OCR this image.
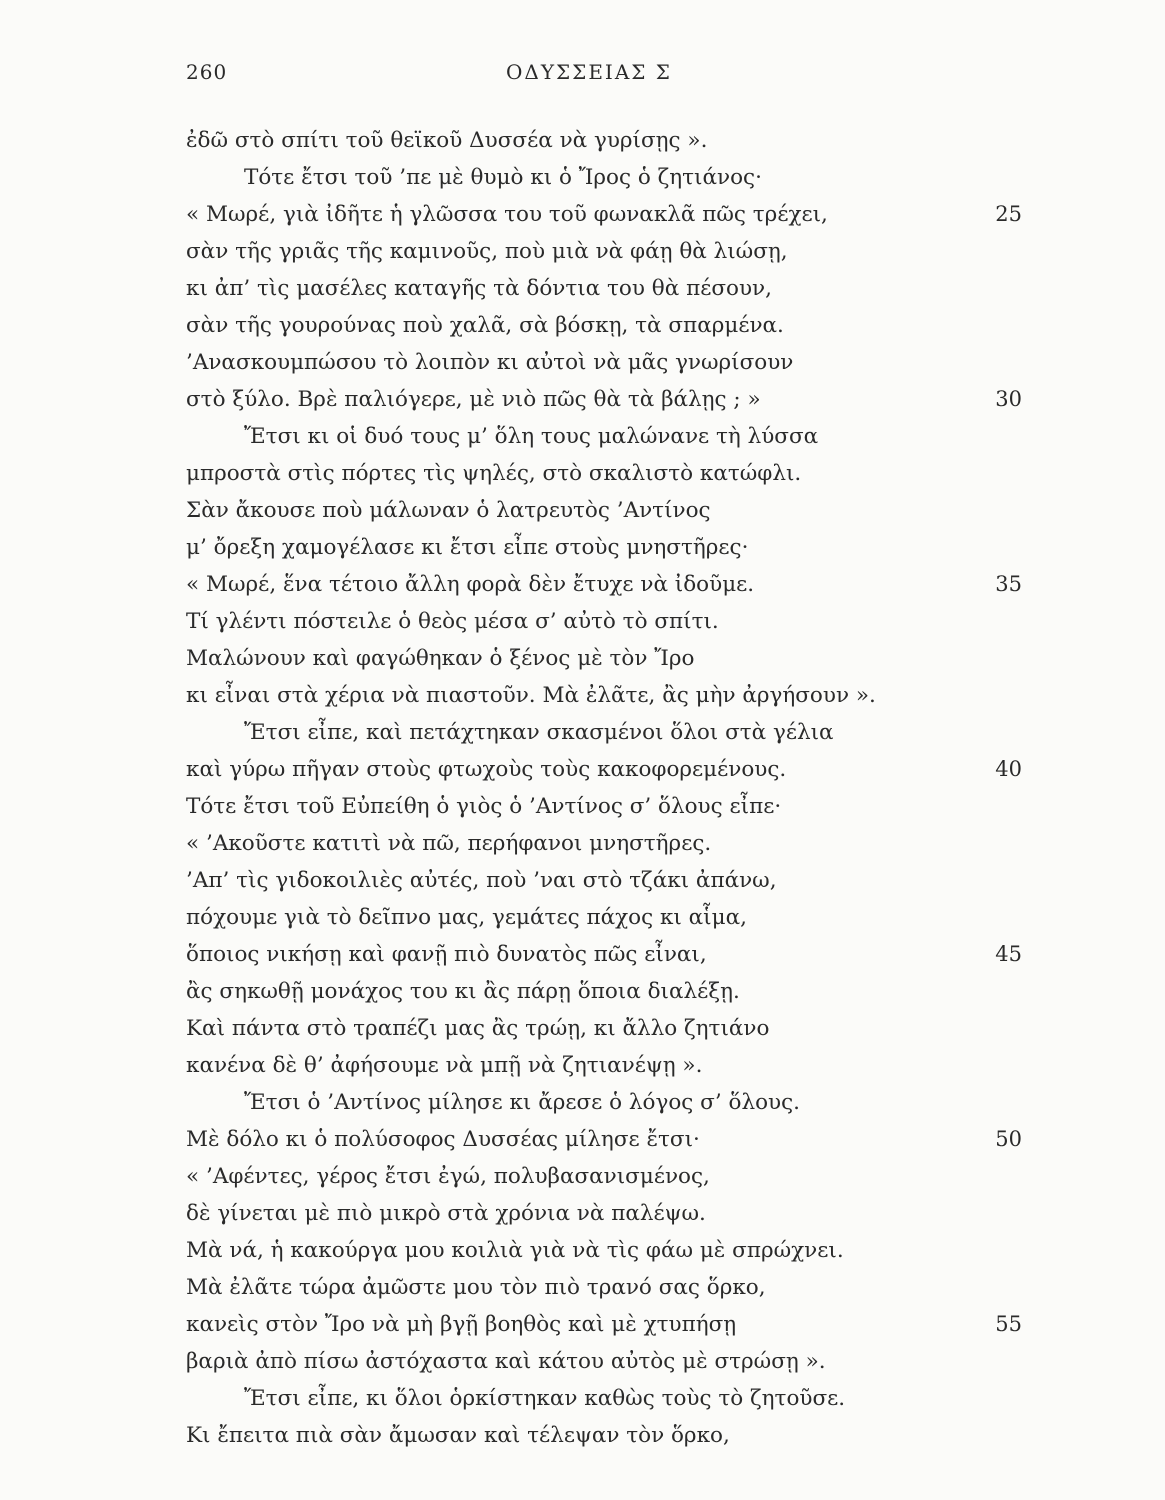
260	ΟΔΥΣΣΕΙΑΣ Σ
ἐδῶ στὸ σπίτι τοῦ θεϊκοῦ Δυσσέα νὰ γυρίσῃς ».
Τότε ἔτσι τοῦ ’πε μὲ θυμὸ κι ὁ Ἴρος ὁ ζητιάνος·
« Μωρέ, γιὰ ἰδῆτε ἡ γλῶσσα του τοῦ φωνακλᾶ πῶς τρέχει,	25
σὰν τῆς γριᾶς τῆς καμινοῦς, ποὺ μιὰ νὰ φάῃ θὰ λιώσῃ,
κι ἀπ’ τὶς μασέλες καταγῆς τὰ δόντια του θὰ πέσουν,
σὰν τῆς γουρούνας ποὺ χαλᾶ, σὰ βόσκῃ, τὰ σπαρμένα.
’Ανασκουμπώσου τὸ λοιπὸν κι αὐτοὶ νὰ μᾶς γνωρίσουν
στὸ ξύλο. Βρὲ παλιόγερε, μὲ νιὸ πῶς θὰ τὰ βάλῃς ; »	30
Ἔτσι κι οἱ δυό τους μ’ ὅλη τους μαλώνανε τὴ λύσσα
μπροστὰ στὶς πόρτες τὶς ψηλές, στὸ σκαλιστὸ κατώφλι.
Σὰν ἄκουσε ποὺ μάλωναν ὁ λατρευτὸς ’Αντίνος
μ’ ὄρεξη χαμογέλασε κι ἔτσι εἶπε στοὺς μνηστῆρες·
« Μωρέ, ἕνα τέτοιο ἄλλη φορὰ δὲν ἔτυχε νὰ ἰδοῦμε.	35
Τί γλέντι πόστειλε ὁ θεὸς μέσα σ’ αὐτὸ τὸ σπίτι.
Μαλώνουν καὶ φαγώθηκαν ὁ ξένος μὲ τὸν Ἴρο
κι εἶναι στὰ χέρια νὰ πιαστοῦν. Μὰ ἐλᾶτε, ἂς μὴν ἀργήσουν ».
Ἔτσι εἶπε, καὶ πετάχτηκαν σκασμένοι ὅλοι στὰ γέλια
καὶ γύρω πῆγαν στοὺς φτωχοὺς τοὺς κακοφορεμένους.	40
Τότε ἔτσι τοῦ Εὐπείθη ὁ γιὸς ὁ ’Αντίνος σ’ ὅλους εἶπε·
« ’Ακοῦστε κατιτὶ νὰ πῶ, περήφανοι μνηστῆρες.
’Απ’ τὶς γιδοκοιλιὲς αὐτές, ποὺ ’ναι στὸ τζάκι ἀπάνω,
πόχουμε γιὰ τὸ δεῖπνο μας, γεμάτες πάχος κι αἷμα,
ὅποιος νικήσῃ καὶ φανῇ πιὸ δυνατὸς πῶς εἶναι,	45
ἂς σηκωθῇ μονάχος του κι ἂς πάρῃ ὅποια διαλέξῃ.
Καὶ πάντα στὸ τραπέζι μας ἂς τρώῃ, κι ἄλλο ζητιάνο
κανένα δὲ θ’ ἀφήσουμε νὰ μπῇ νὰ ζητιανέψῃ ».
Ἔτσι ὁ ’Αντίνος μίλησε κι ἄρεσε ὁ λόγος σ’ ὅλους.
Μὲ δόλο κι ὁ πολύσοφος Δυσσέας μίλησε ἔτσι·	50
« ’Αφέντες, γέρος ἔτσι ἐγώ, πολυβασανισμένος,
δὲ γίνεται μὲ πιὸ μικρὸ στὰ χρόνια νὰ παλέψω.
Μὰ νά, ἡ κακούργα μου κοιλιὰ γιὰ νὰ τὶς φάω μὲ σπρώχνει.
Μὰ ἐλᾶτε τώρα ἀμῶστε μου τὸν πιὸ τρανό σας ὅρκο,
κανεὶς στὸν Ἴρο νὰ μὴ βγῇ βοηθὸς καὶ μὲ χτυπήσῃ	55
βαριὰ ἀπὸ πίσω ἀστόχαστα καὶ κάτου αὐτὸς μὲ στρώσῃ ».
Ἔτσι εἶπε, κι ὅλοι ὁρκίστηκαν καθὼς τοὺς τὸ ζητοῦσε.
Κι ἔπειτα πιὰ σὰν ἄμωσαν καὶ τέλεψαν τὸν ὅρκο,
